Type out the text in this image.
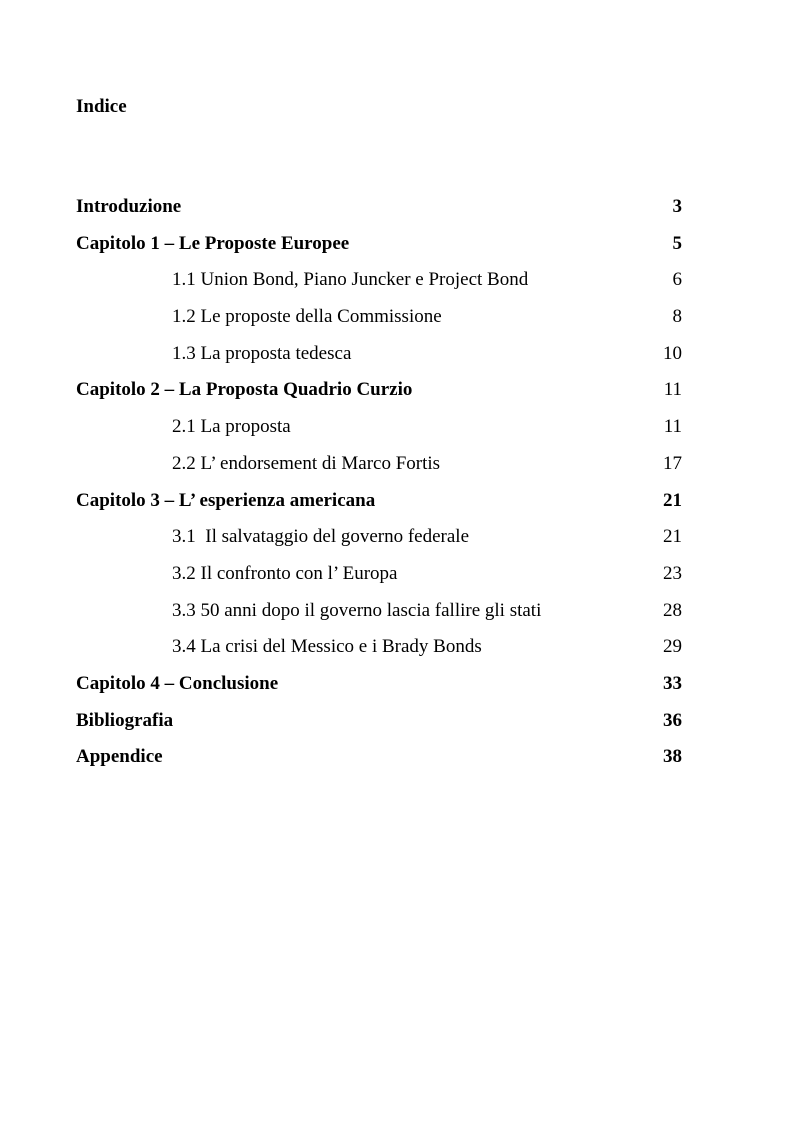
Indice
Introduzione	3
Capitolo 1 – Le Proposte Europee	5
1.1 Union Bond, Piano Juncker e Project Bond	6
1.2 Le proposte della Commissione	8
1.3 La proposta tedesca	10
Capitolo 2 – La Proposta Quadrio Curzio	11
2.1 La proposta	11
2.2 L’ endorsement di Marco Fortis	17
Capitolo 3 – L’ esperienza americana	21
3.1  Il salvataggio del governo federale	21
3.2 Il confronto con l’ Europa	23
3.3 50 anni dopo il governo lascia fallire gli stati	28
3.4 La crisi del Messico e i Brady Bonds	29
Capitolo 4 – Conclusione	33
Bibliografia	36
Appendice	38
